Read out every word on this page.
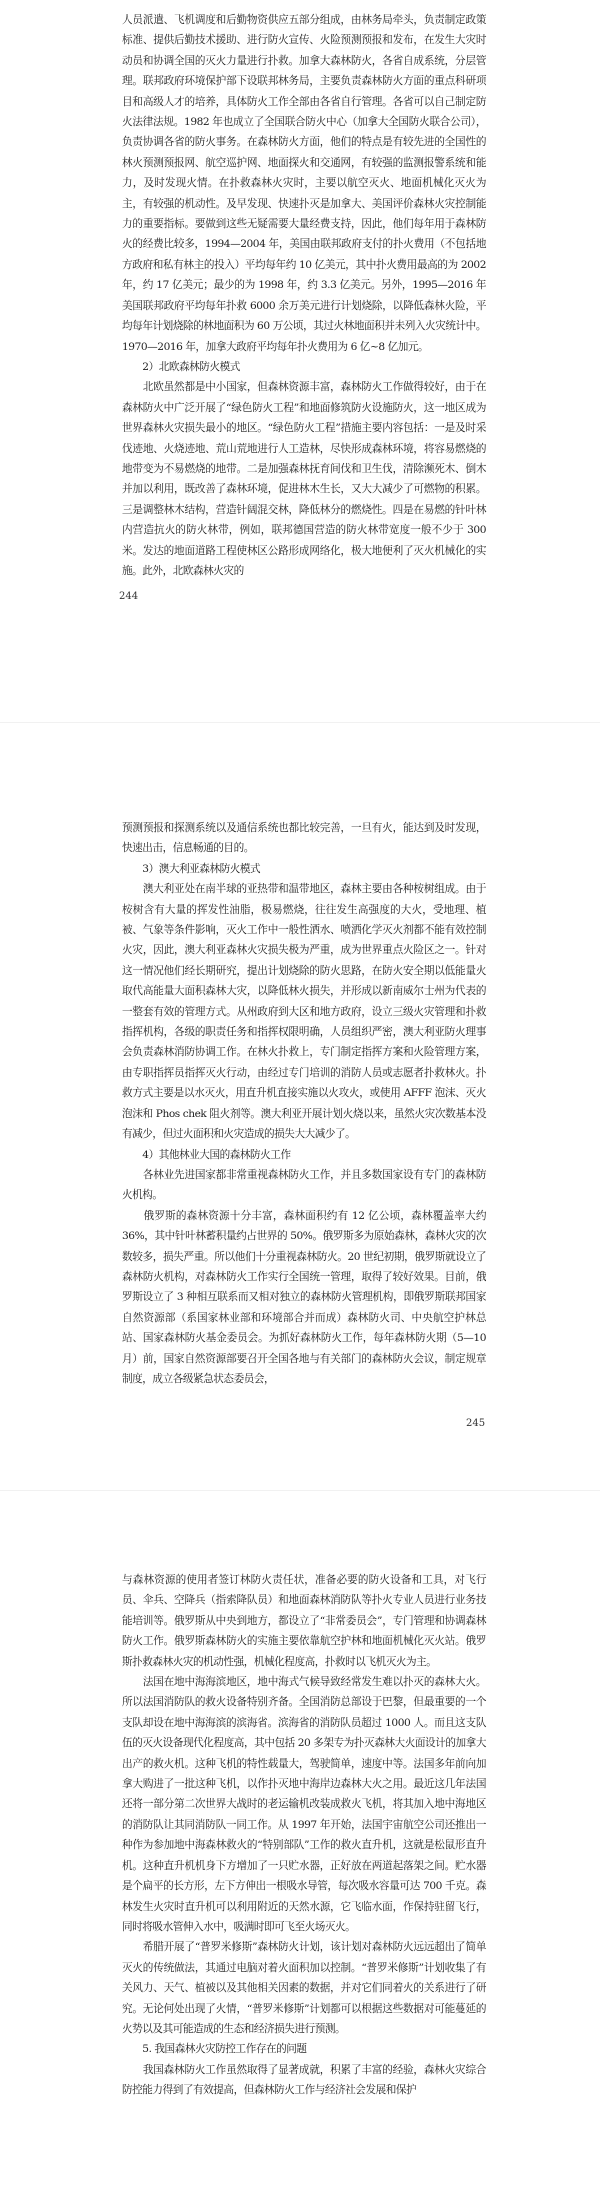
人员派遣、飞机调度和后勤物资供应五部分组成，由林务局牵头，负责制定政策标准、提供后勤技术援助、进行防火宣传、火险预测预报和发布，在发生大灾时动员和协调全国的灭火力量进行扑救。加拿大森林防火，各省自成系统，分层管理。联邦政府环境保护部下设联邦林务局，主要负责森林防火方面的重点科研项目和高级人才的培养，具体防火工作全部由各省自行管理。各省可以自己制定防火法律法规。1982 年也成立了全国联合防火中心（加拿大全国防火联合公司），负责协调各省的防火事务。在森林防火方面，他们的特点是有较先进的全国性的林火预测预报网、航空巡护网、地面探火和交通网，有较强的监测报警系统和能力，及时发现火情。在扑救森林火灾时，主要以航空灭火、地面机械化灭火为主，有较强的机动性。及早发现、快速扑灭是加拿大、美国评价森林火灾控制能力的重要指标。要做到这些无疑需要大量经费支持，因此，他们每年用于森林防火的经费比较多，1994—2004 年，美国由联邦政府支付的扑火费用（不包括地方政府和私有林主的投入）平均每年约 10 亿美元，其中扑火费用最高的为 2002 年，约 17 亿美元；最少的为 1998 年，约 3.3 亿美元。另外，1995—2016 年美国联邦政府平均每年扑救 6000 余万美元进行计划烧除，以降低森林火险，平均每年计划烧除的林地面积为 60 万公顷，其过火林地面积并未列入火灾统计中。1970—2016 年，加拿大政府平均每年扑火费用为 6 亿~8 亿加元。
　　2）北欧森林防火模式
　　北欧虽然都是中小国家，但森林资源丰富，森林防火工作做得较好，由于在森林防火中广泛开展了“绿色防火工程”和地面修筑防火设施防火，这一地区成为世界森林火灾损失最小的地区。“绿色防火工程”措施主要内容包括：一是及时采伐迹地、火烧迹地、荒山荒地进行人工造林，尽快形成森林环境，将容易燃烧的地带变为不易燃烧的地带。二是加强森林抚育间伐和卫生伐，清除濒死木、倒木并加以利用，既改善了森林环境，促进林木生长，又大大减少了可燃物的积累。三是调整林木结构，营造针阔混交林，降低林分的燃烧性。四是在易燃的针叶林内营造抗火的防火林带，例如，联邦德国营造的防火林带宽度一般不少于 300 米。发达的地面道路工程使林区公路形成网络化，极大地便利了灭火机械化的实施。此外，北欧森林火灾的
244
预测预报和探测系统以及通信系统也都比较完善，一旦有火，能达到及时发现，快速出击，信息畅通的目的。
　　3）澳大利亚森林防火模式
　　澳大利亚处在南半球的亚热带和温带地区，森林主要由各种桉树组成。由于桉树含有大量的挥发性油脂，极易燃烧，往往发生高强度的大火，受地理、植被、气象等条件影响，灭火工作中一般性洒水、喷洒化学灭火剂都不能有效控制火灾，因此，澳大利亚森林火灾损失极为严重，成为世界重点火险区之一。针对这一情况他们经长期研究，提出计划烧除的防火思路，在防火安全期以低能量火取代高能量大面积森林大灾，以降低林火损失，并形成以新南威尔士州为代表的一整套有效的管理方式。从州政府到大区和地方政府，设立三级火灾管理和扑救指挥机构，各级的职责任务和指挥权限明确，人员组织严密，澳大利亚防火理事会负责森林消防协调工作。在林火扑救上，专门制定指挥方案和火险管理方案，由专职指挥员指挥灭火行动，由经过专门培训的消防人员或志愿者扑救林火。扑救方式主要是以水灭火，用直升机直接实施以火攻火，或使用 AFFF 泡沫、灭火泡沫和 Phos chek 阻火剂等。澳大利亚开展计划火烧以来，虽然火灾次数基本没有减少，但过火面积和火灾造成的损失大大减少了。
　　4）其他林业大国的森林防火工作
　　各林业先进国家都非常重视森林防火工作，并且多数国家设有专门的森林防火机构。
　　俄罗斯的森林资源十分丰富，森林面积约有 12 亿公顷，森林覆盖率大约 36%，其中针叶林蓄积量约占世界的 50%。俄罗斯多为原始森林，森林火灾的次数较多，损失严重。所以他们十分重视森林防火。20 世纪初期，俄罗斯就设立了森林防火机构，对森林防火工作实行全国统一管理，取得了较好效果。目前，俄罗斯设立了 3 种相互联系而又相对独立的森林防火管理机构，即俄罗斯联邦国家自然资源部（系国家林业部和环境部合并而成）森林防火司、中央航空护林总站、国家森林防火基金委员会。为抓好森林防火工作，每年森林防火期（5—10 月）前，国家自然资源部要召开全国各地与有关部门的森林防火会议，制定规章制度，成立各级紧急状态委员会，
245
与森林资源的使用者签订林防火责任状，准备必要的防火设备和工具，对飞行员、伞兵、空降兵（指索降队员）和地面森林消防队等扑火专业人员进行业务技能培训等。俄罗斯从中央到地方，都设立了“非常委员会”，专门管理和协调森林防火工作。俄罗斯森林防火的实施主要依靠航空护林和地面机械化灭火站。俄罗斯扑救森林火灾的机动性强，机械化程度高，扑救时以飞机灭火为主。
　　法国在地中海海滨地区，地中海式气候导致经常发生难以扑灭的森林大火。所以法国消防队的救火设备特别齐备。全国消防总部设于巴黎，但最重要的一个支队却设在地中海海滨的滨海省。滨海省的消防队员超过 1000 人。而且这支队伍的灭火设备现代化程度高，其中包括 20 多架专为扑灭森林大火面设计的加拿大出产的救火机。这种飞机的特性载量大，驾驶简单，速度中等。法国多年前向加拿大购进了一批这种飞机，以作扑灭地中海岸边森林大火之用。最近这几年法国还将一部分第二次世界大战时的老运输机改装成救火飞机，将其加入地中海地区的消防队让其同消防队一同工作。从 1997 年开始，法国宇宙航空公司还推出一种作为参加地中海森林救火的“特别部队”工作的救火直升机，这就是松鼠形直升机。这种直升机机身下方增加了一只贮水器，正好放在两道起落架之间。贮水器是个扁平的长方形，左下方伸出一根吸水导管，每次吸水容量可达 700 千克。森林发生火灾时直升机可以利用附近的天然水源，它飞临水面，作保持驻留飞行，同时将吸水管伸入水中，吸满时即可飞至火场灭火。
　　希腊开展了“普罗米修斯”森林防火计划，该计划对森林防火远远超出了简单灭火的传统做法，其通过电脑对着火面积加以控制。“普罗米修斯”计划收集了有关风力、天气、植被以及其他相关因素的数据，并对它们同着火的关系进行了研究。无论何处出现了火情，“普罗米修斯”计划都可以根据这些数据对可能蔓延的火势以及其可能造成的生态和经济损失进行预测。
　　5. 我国森林火灾防控工作存在的问题
　　我国森林防火工作虽然取得了显著成就，积累了丰富的经验，森林火灾综合防控能力得到了有效提高，但森林防火工作与经济社会发展和保护
